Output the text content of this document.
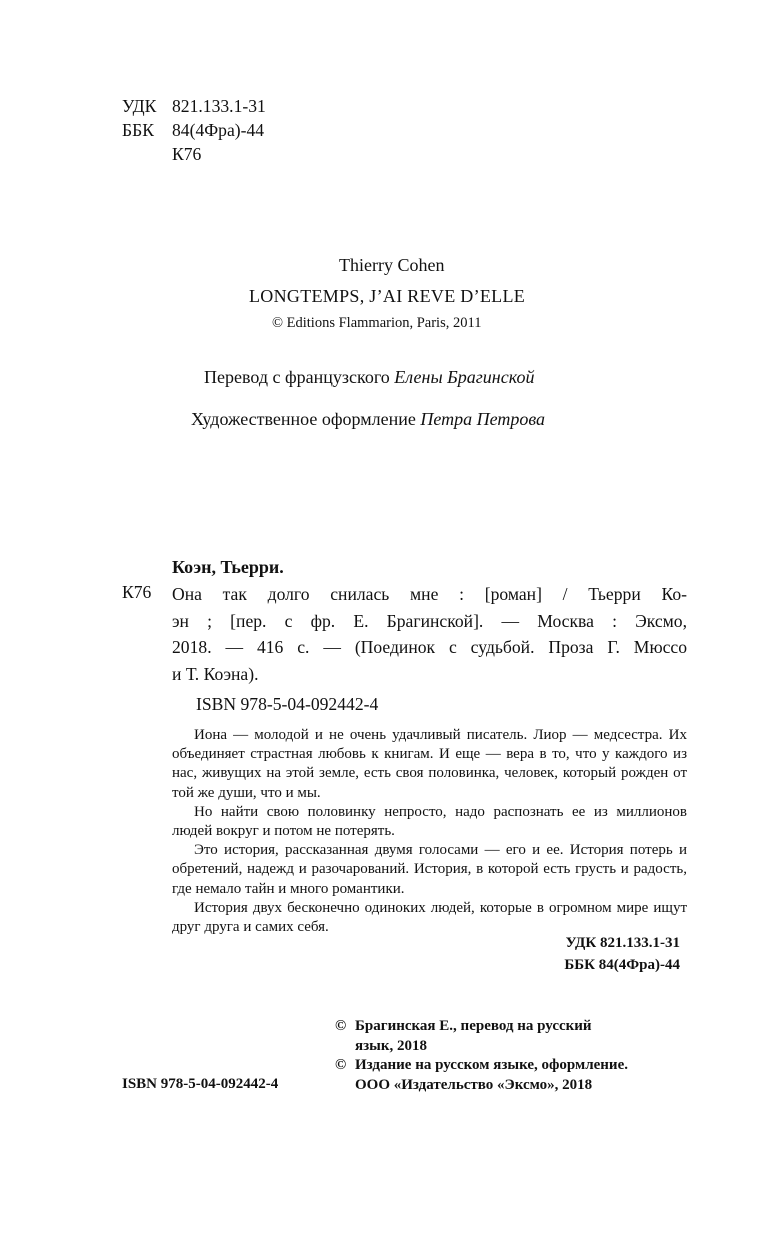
УДК 821.133.1-31
ББК 84(4Фра)-44
К76
Thierry Cohen
LONGTEMPS, J’AI REVE D’ELLE
© Editions Flammarion, Paris, 2011
Перевод с французского Елены Брагинской
Художественное оформление Петра Петрова
Коэн, Тьерри.
К76 Она так долго снилась мне : [роман] / Тьерри Ко-
эн ; [пер. с фр. Е. Брагинской]. — Москва : Эксмо,
2018. — 416 с. — (Поединок с судьбой. Проза Г. Мюссо
и Т. Коэна).
ISBN 978-5-04-092442-4

Иона — молодой и не очень удачливый писатель. Лиор — медсестра. Их объединяет страстная любовь к книгам. И еще — вера в то, что у каждого из нас, живущих на этой земле, есть своя половинка, человек, который рожден от той же души, что и мы.

Но найти свою половинку непросто, надо распознать ее из миллионов людей вокруг и потом не потерять.

Это история, рассказанная двумя голосами — его и ее. История потерь и обретений, надежд и разочарований. История, в которой есть грусть и радость, где немало тайн и много романтики.

История двух бесконечно одиноких людей, которые в огромном мире ищут друг друга и самих себя.

УДК 821.133.1-31
ББК 84(4Фра)-44
© Брагинская Е., перевод на русский
язык, 2018
© Издание на русском языке, оформление.
ООО «Издательство «Эксмо», 2018
ISBN 978-5-04-092442-4
